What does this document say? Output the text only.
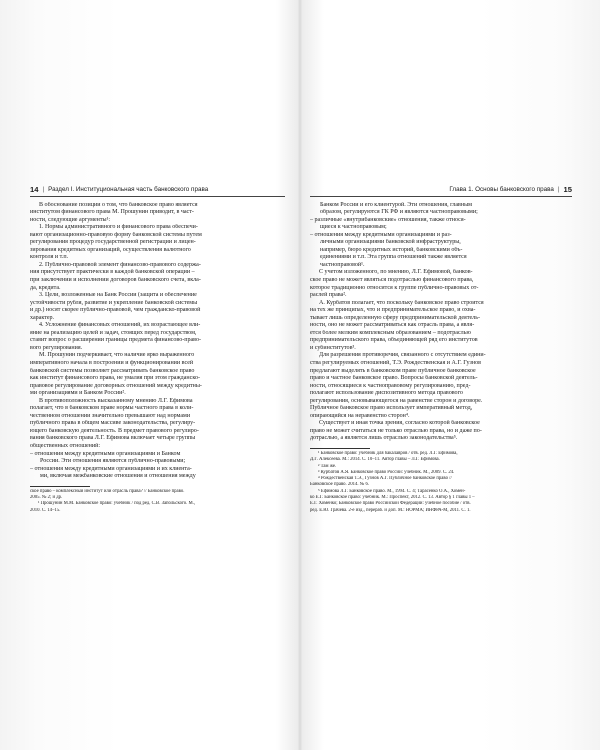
14 | Раздел I. Институциональная часть банковского права

В обоснование позиции о том, что банковское право является

институтом финансового права М. Прошунин приводит, в част-

ности, следующие аргументы¹:

1. Нормы административного и финансового права обеспечи-

вают организационно-правовую форму банковской системы путем

регулирования процедур государственной регистрации и лицен-

зирования кредитных организаций, осуществления валютного

контроля и т.п.

2. Публично-правовой элемент финансово-правового содержа-

ния присутствует практически в каждой банковской операции –

при заключении и исполнении договоров банковского счета, вкла-

да, кредита.

3. Цели, возложенные на Банк России (защита и обеспечение

устойчивости рубля, развитие и укрепление банковской системы

и др.) носят скорее публично-правовой, чем гражданско-правовой

характер.

4. Усложнение финансовых отношений, их возрастающее вли-

яние на реализацию целей и задач, стоящих перед государством,

ставит вопрос о расширении границы предмета финансово-право-

вого регулирования.

М. Прошунин подчеркивает, что наличие ярко выраженного

императивного начала в построении и функционировании всей

банковской системы позволяет рассматривать банковское право

как институт финансового права, не умаляя при этом гражданско-

правовое регулирование договорных отношений между кредитны-

ми организациями и Банком России².

В противоположность высказанному мнению Л.Г. Ефимова

полагает, что в банковском праве нормы частного права в коли-

чественном отношении значительно превышают над нормами

публичного права в общем массиве законодательства, регулиру-

ющего банковскую деятельность. В предмет правового регулиро-

вания банковского права Л.Г. Ефимова включает четыре группы

общественных отношений:

– отношения между кредитными организациями и Банком

России. Эти отношения являются публично-правовыми;

– отношения между кредитными организациями и их клиента-

ми, включая межбанковские отношения и отношения между

ское право – комплексный институт или отрасль права? // Банковское право.

2005. № 2; и др.

¹ Прошунин М.М. Банковское право: учебник / под ред. С.В. Запольского. М.,

2010. С. 14–15.

Глава 1. Основы банковского права | 15

Банком России и его клиентурой. Эти отношения, главным

образом, регулируются ГК РФ и являются частноправовыми;

– различные «внутрибанковские» отношения, также относя-

щиеся к частноправовым;

– отношения между кредитными организациями и раз-

личными организациями банковской инфраструктуры,

например, бюро кредитных историй, банковскими объ-

единениями и т.п. Эта группа отношений также является

частноправовой¹.

С учетом изложенного, по мнению, Л.Г. Ефимовой, банков-

ское право не может являться подотраслью финансового права,

которое традиционно относится к группе публично-правовых от-

раслей права².

А. Курбатов полагает, что поскольку банковское право строится

на тех же принципах, что и предпринимательское право, и охва-

тывает лишь определенную сферу предпринимательской деятель-

ности, оно не может рассматриваться как отрасль права, а явля-

ется более мелким комплексным образованием – подотраслью

предпринимательского права, объединяющей ряд его институтов

и субинститутов³.

Для разрешения противоречия, связанного с отсутствием едини-

ства регулируемых отношений, Т.Э. Рождественская и А.Г. Гузнов

предлагают выделять в банковском праве публичное банковское

право и частное банковское право. Вопросы банковской деятель-

ности, относящиеся к частноправовому регулированию, пред-

полагают использование диспозитивного метода правового

регулирования, основывающегося на равенстве сторон и договоре.

Публичное банковское право использует императивный метод,

опирающийся на неравенство сторон⁴.

Существует и иная точка зрения, согласно которой банковское

право не может считаться не только отраслью права, но и даже по-

дотраслью, а является лишь отраслью законодательства⁵.

¹ Банковское право: учебник для бакалавров / отв. ред. Л.Г. Ефимова,

Д.Г. Алексеева. М.: 2014. С. 10–11. Автор главы – Л.Г. Ефимова.

² Там же.

³ Курбатов А.Я. Банковское право России: учебник. М., 2009. С. 24.

⁴ Рождественская Т.Э., Гузнов А.Г. Публичное банковское право //

Банковское право. 2014. № 6.

⁵ Ефимова Л.Г. Банковское право. М., 1994. С. 4; Тарасенко О.А., Хомен-

ко Е.Г. Банковское право: учебник. М.: Проспект, 2012. С. 13. Автор § 1 главы 1 –

Е.Г. Хоменко; Банковское право Российской Федерации: учебное пособие / отв.

ред. Е.Ю. Грачева. 2-е изд., перераб. и доп. М.: НОРМА; ИНФРА-М, 2011. С. 1.
